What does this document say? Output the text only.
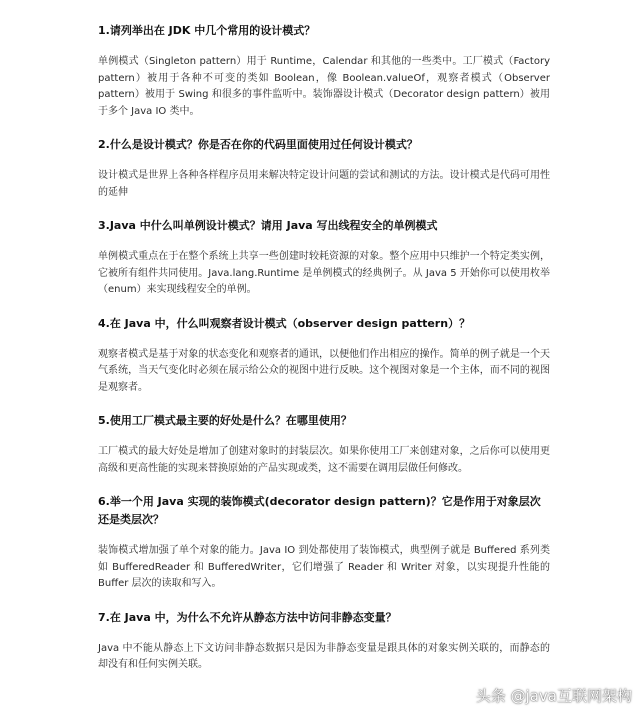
1.请列举出在 JDK 中几个常用的设计模式？

单例模式（Singleton pattern）用于 Runtime，Calendar 和其他的一些类中。工厂模式（Factory pattern）被用于各种不可变的类如 Boolean，像 Boolean.valueOf，观察者模式（Observer pattern）被用于 Swing 和很多的事件监听中。装饰器设计模式（Decorator design pattern）被用于多个 Java IO 类中。

2.什么是设计模式？你是否在你的代码里面使用过任何设计模式？

设计模式是世界上各种各样程序员用来解决特定设计问题的尝试和测试的方法。设计模式是代码可用性的延伸

3.Java 中什么叫单例设计模式？请用 Java 写出线程安全的单例模式

单例模式重点在于在整个系统上共享一些创建时较耗资源的对象。整个应用中只维护一个特定类实例，它被所有组件共同使用。Java.lang.Runtime 是单例模式的经典例子。从 Java 5 开始你可以使用枚举（enum）来实现线程安全的单例。

4.在 Java 中，什么叫观察者设计模式（observer design pattern）？

观察者模式是基于对象的状态变化和观察者的通讯，以便他们作出相应的操作。简单的例子就是一个天气系统，当天气变化时必须在展示给公众的视图中进行反映。这个视图对象是一个主体，而不同的视图是观察者。

5.使用工厂模式最主要的好处是什么？在哪里使用？

工厂模式的最大好处是增加了创建对象时的封装层次。如果你使用工厂来创建对象，之后你可以使用更高级和更高性能的实现来替换原始的产品实现或类，这不需要在调用层做任何修改。

6.举一个用 Java 实现的装饰模式(decorator design pattern)？它是作用于对象层次还是类层次？

装饰模式增加强了单个对象的能力。Java IO 到处都使用了装饰模式，典型例子就是 Buffered 系列类如 BufferedReader 和 BufferedWriter，它们增强了 Reader 和 Writer 对象，以实现提升性能的 Buffer 层次的读取和写入。

7.在 Java 中，为什么不允许从静态方法中访问非静态变量？

Java 中不能从静态上下文访问非静态数据只是因为非静态变量是跟具体的对象实例关联的，而静态的却没有和任何实例关联。

头条 @java互联网架构
